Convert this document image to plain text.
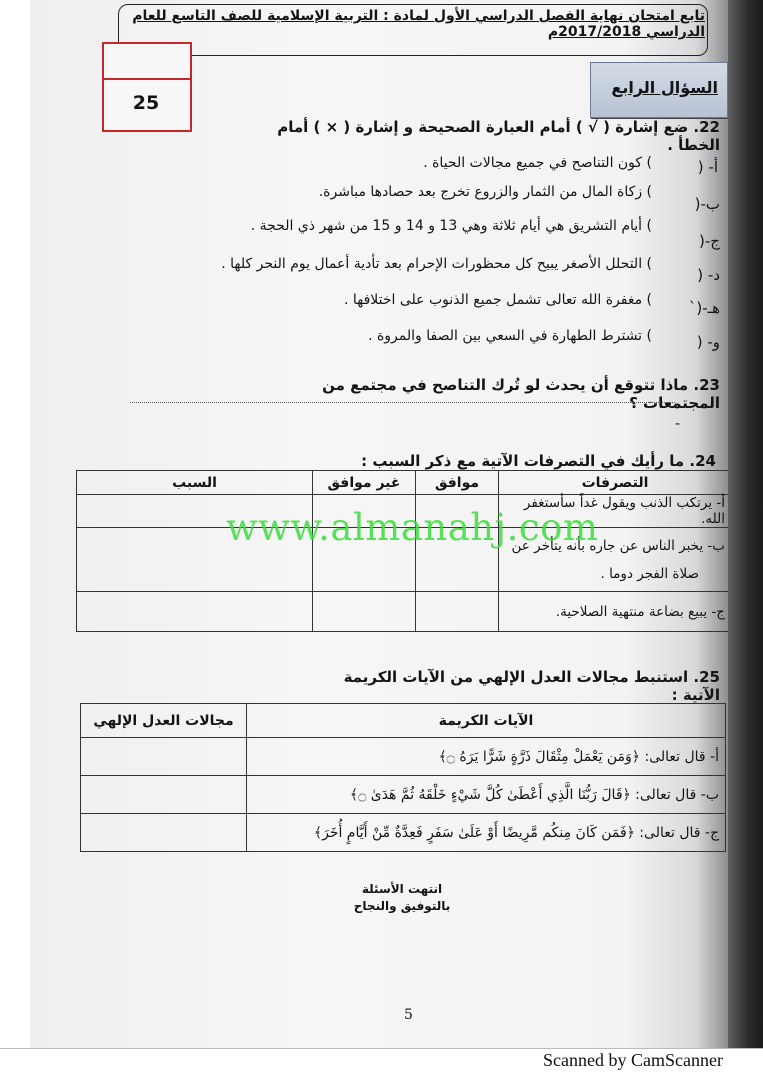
تابع امتحان نهاية الفصل الدراسي الأول لمادة : التربية الإسلامية للصف التاسع للعام الدراسي 2017/2018م
25
السؤال الرابع
22. ضع إشارة ( √ ) أمام العبارة الصحيحة و إشارة ( × ) أمام الخطأ .
أ- (
) كون التناصح في جميع مجالات الحياة .
ب-(
) زكاة المال من الثمار والزروع تخرج بعد حصادها مباشرة.
ج-(
) أيام التشريق هي أيام ثلاثة وهي 13 و 14 و 15 من شهر ذي الحجة .
د- (
) التحلل الأصغر يبيح كل محظورات الإحرام بعد تأدية أعمال يوم النحر كلها .
هـ-(`
) مغفرة الله تعالى تشمل جميع الذنوب على اختلافها .
و- (
) تشترط الطهارة في السعي بين الصفا والمروة .
23. ماذا تتوقع أن يحدث لو تُرك التناصح في مجتمع من المجتمعات ؟
-
24. ما رأيك في التصرفات الآتية مع ذكر السبب :
التصرفات	موافق	غير موافق	السبب
أ- يرتكب الذنب ويقول غداً سأستغفر الله.			

ب- يخبر الناس عن جاره بأنه يتأخر عن
صلاة الفجر دوما .			

ج- يبيع بضاعة منتهية الصلاحية.			
www.almanahj.com
25. استنبط مجالات العدل الإلهي من الآيات الكريمة الآتية :
الآيات الكريمة	مجالات العدل الإلهي
أ- قال تعالى: ﴿وَمَن يَعْمَلْ مِثْقَالَ ذَرَّةٍ شَرًّا يَرَهُ ۝﴾	
ب- قال تعالى: ﴿قَالَ رَبُّنَا الَّذِي أَعْطَىٰ كُلَّ شَيْءٍ خَلْقَهُ ثُمَّ هَدَىٰ ۝﴾	
ج- قال تعالى: ﴿فَمَن كَانَ مِنكُم مَّرِيضًا أَوْ عَلَىٰ سَفَرٍ فَعِدَّةٌ مِّنْ أَيَّامٍ أُخَرَ﴾	
انتهت الأسئلة
بالتوفيق والنجاح
5
Scanned by CamScanner
